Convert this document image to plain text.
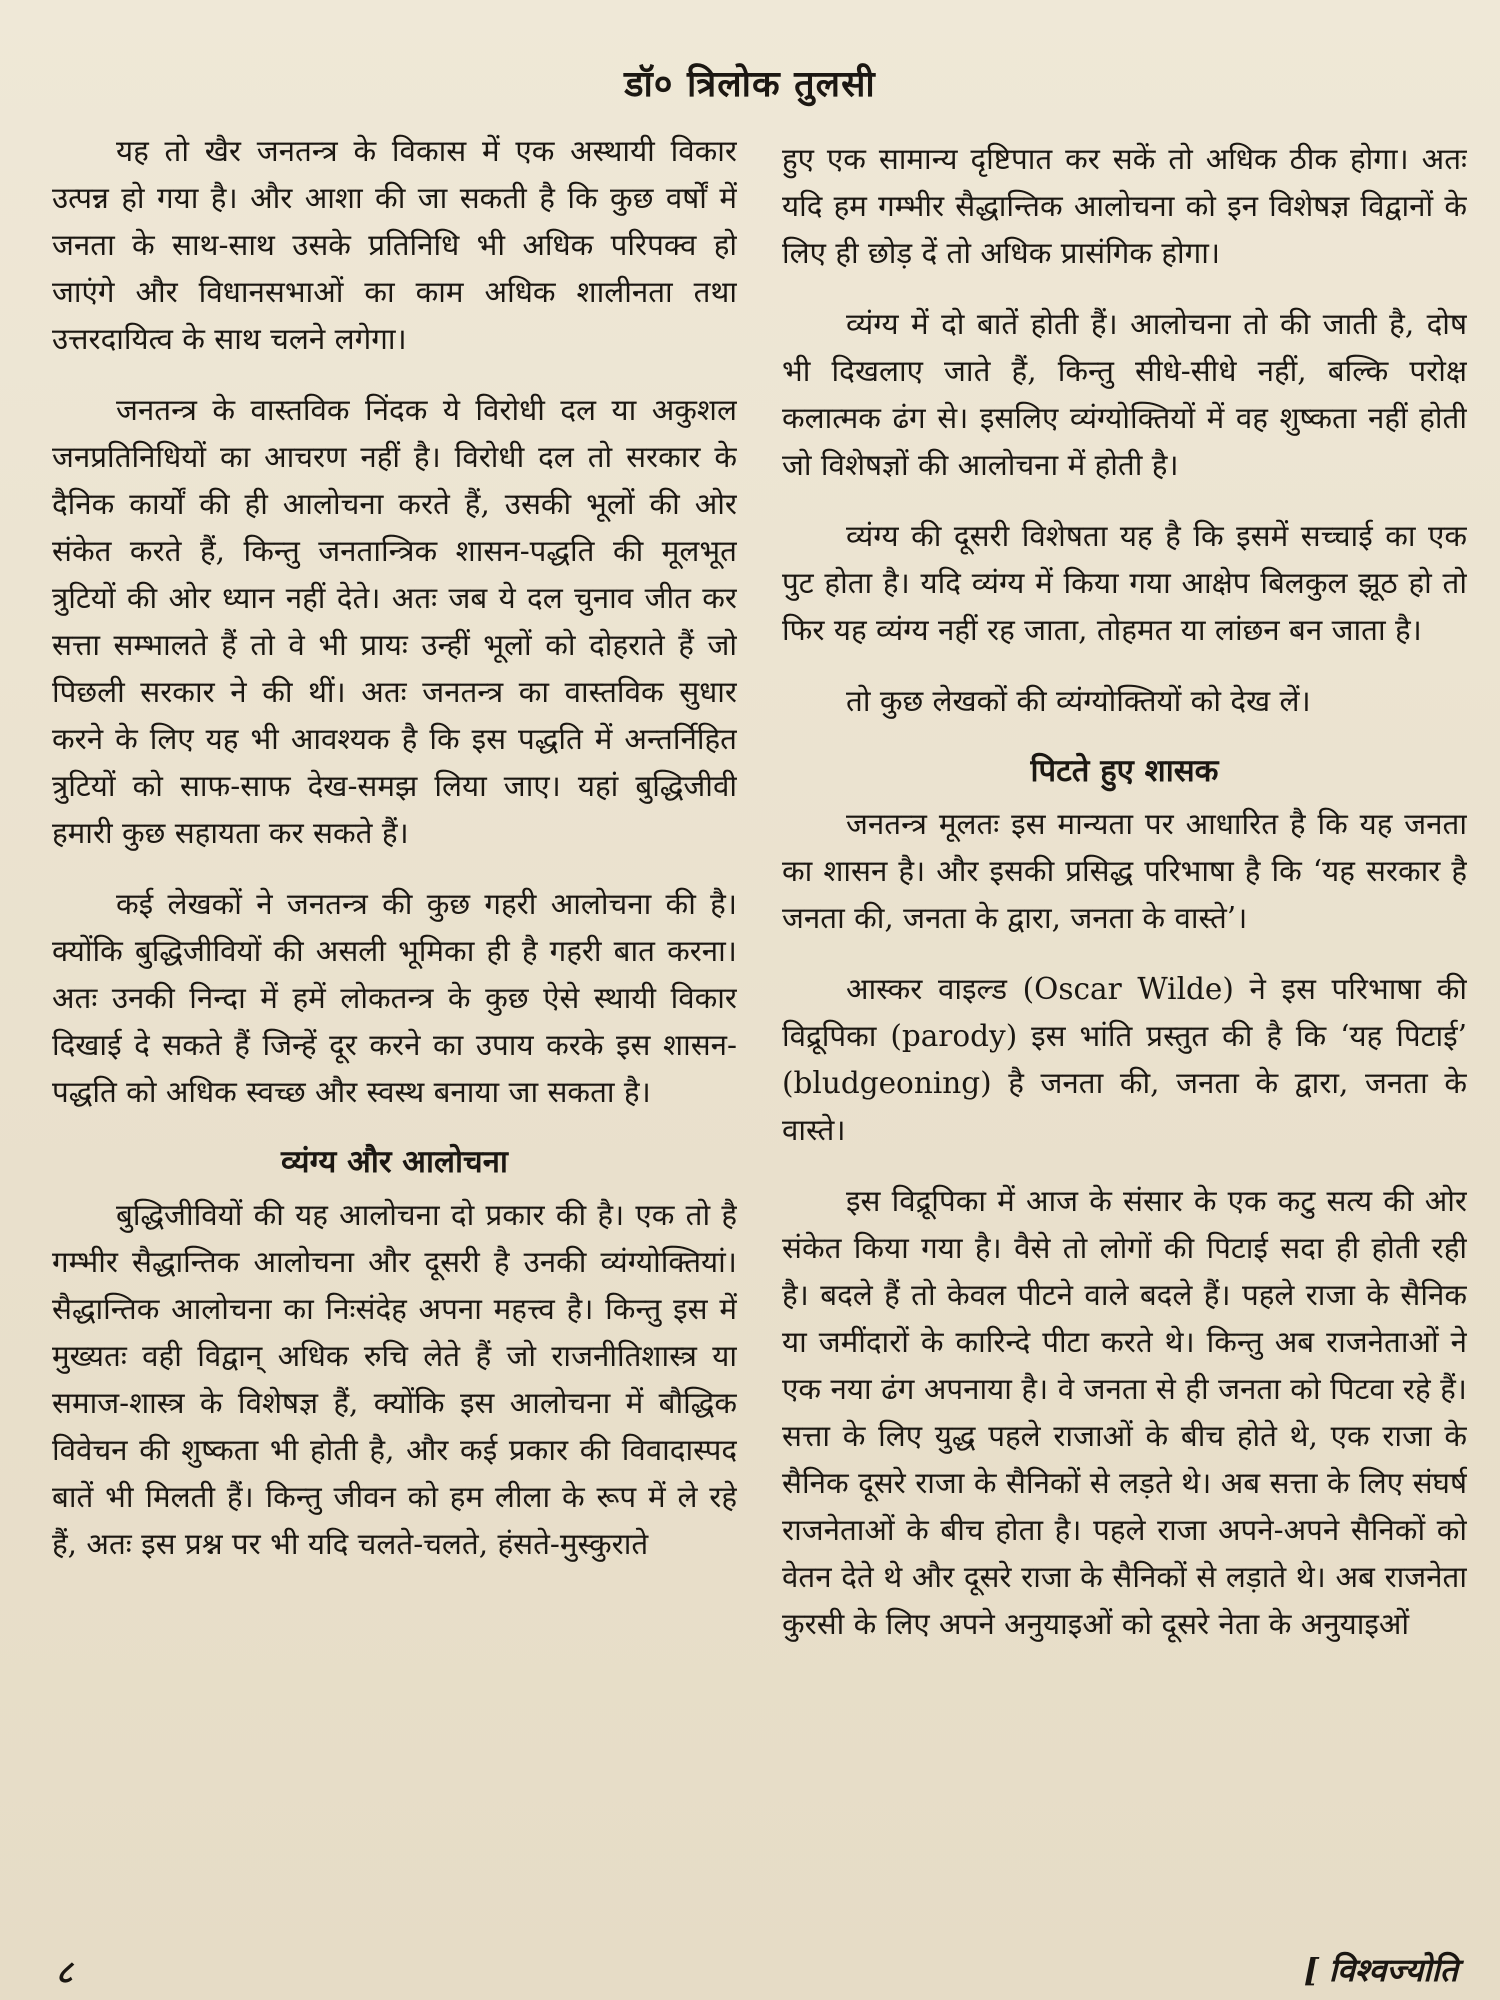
डॉ० त्रिलोक तुलसी

यह तो खैर जनतन्त्र के विकास में एक अस्थायी विकार उत्पन्न हो गया है। और आशा की जा सकती है कि कुछ वर्षों में जनता के साथ-साथ उसके प्रतिनिधि भी अधिक परिपक्व हो जाएंगे और विधानसभाओं का काम अधिक शालीनता तथा उत्तरदायित्व के साथ चलने लगेगा।

जनतन्त्र के वास्तविक निंदक ये विरोधी दल या अकुशल जनप्रतिनिधियों का आचरण नहीं है। विरोधी दल तो सरकार के दैनिक कार्यों की ही आलोचना करते हैं, उसकी भूलों की ओर संकेत करते हैं, किन्तु जनतान्त्रिक शासन-पद्धति की मूलभूत त्रुटियों की ओर ध्यान नहीं देते। अतः जब ये दल चुनाव जीत कर सत्ता सम्भालते हैं तो वे भी प्रायः उन्हीं भूलों को दोहराते हैं जो पिछली सरकार ने की थीं। अतः जनतन्त्र का वास्तविक सुधार करने के लिए यह भी आवश्यक है कि इस पद्धति में अन्तर्निहित त्रुटियों को साफ-साफ देख-समझ लिया जाए। यहां बुद्धिजीवी हमारी कुछ सहायता कर सकते हैं।

कई लेखकों ने जनतन्त्र की कुछ गहरी आलोचना की है। क्योंकि बुद्धिजीवियों की असली भूमिका ही है गहरी बात करना। अतः उनकी निन्दा में हमें लोकतन्त्र के कुछ ऐसे स्थायी विकार दिखाई दे सकते हैं जिन्हें दूर करने का उपाय करके इस शासन-पद्धति को अधिक स्वच्छ और स्वस्थ बनाया जा सकता है।

व्यंग्य और आलोचना

बुद्धिजीवियों की यह आलोचना दो प्रकार की है। एक तो है गम्भीर सैद्धान्तिक आलोचना और दूसरी है उनकी व्यंग्योक्तियां। सैद्धान्तिक आलोचना का निःसंदेह अपना महत्त्व है। किन्तु इस में मुख्यतः वही विद्वान् अधिक रुचि लेते हैं जो राजनीतिशास्त्र या समाज-शास्त्र के विशेषज्ञ हैं, क्योंकि इस आलोचना में बौद्धिक विवेचन की शुष्कता भी होती है, और कई प्रकार की विवादास्पद बातें भी मिलती हैं। किन्तु जीवन को हम लीला के रूप में ले रहे हैं, अतः इस प्रश्न पर भी यदि चलते-चलते, हंसते-मुस्कुराते

हुए एक सामान्य दृष्टिपात कर सकें तो अधिक ठीक होगा। अतः यदि हम गम्भीर सैद्धान्तिक आलोचना को इन विशेषज्ञ विद्वानों के लिए ही छोड़ दें तो अधिक प्रासंगिक होगा।

व्यंग्य में दो बातें होती हैं। आलोचना तो की जाती है, दोष भी दिखलाए जाते हैं, किन्तु सीधे-सीधे नहीं, बल्कि परोक्ष कलात्मक ढंग से। इसलिए व्यंग्योक्तियों में वह शुष्कता नहीं होती जो विशेषज्ञों की आलोचना में होती है।

व्यंग्य की दूसरी विशेषता यह है कि इसमें सच्चाई का एक पुट होता है। यदि व्यंग्य में किया गया आक्षेप बिलकुल झूठ हो तो फिर यह व्यंग्य नहीं रह जाता, तोहमत या लांछन बन जाता है।

तो कुछ लेखकों की व्यंग्योक्तियों को देख लें।

पिटते हुए शासक

जनतन्त्र मूलतः इस मान्यता पर आधारित है कि यह जनता का शासन है। और इसकी प्रसिद्ध परिभाषा है कि ‘यह सरकार है जनता की, जनता के द्वारा, जनता के वास्ते’।

आस्कर वाइल्ड (Oscar Wilde) ने इस परिभाषा की विद्रूपिका (parody) इस भांति प्रस्तुत की है कि ‘यह पिटाई’ (bludgeoning) है जनता की, जनता के द्वारा, जनता के वास्ते।

इस विद्रूपिका में आज के संसार के एक कटु सत्य की ओर संकेत किया गया है। वैसे तो लोगों की पिटाई सदा ही होती रही है। बदले हैं तो केवल पीटने वाले बदले हैं। पहले राजा के सैनिक या जमींदारों के कारिन्दे पीटा करते थे। किन्तु अब राजनेताओं ने एक नया ढंग अपनाया है। वे जनता से ही जनता को पिटवा रहे हैं। सत्ता के लिए युद्ध पहले राजाओं के बीच होते थे, एक राजा के सैनिक दूसरे राजा के सैनिकों से लड़ते थे। अब सत्ता के लिए संघर्ष राजनेताओं के बीच होता है। पहले राजा अपने-अपने सैनिकों को वेतन देते थे और दूसरे राजा के सैनिकों से लड़ाते थे। अब राजनेता कुरसी के लिए अपने अनुयाइओं को दूसरे नेता के अनुयाइओं

८	[ विश्वज्योति
